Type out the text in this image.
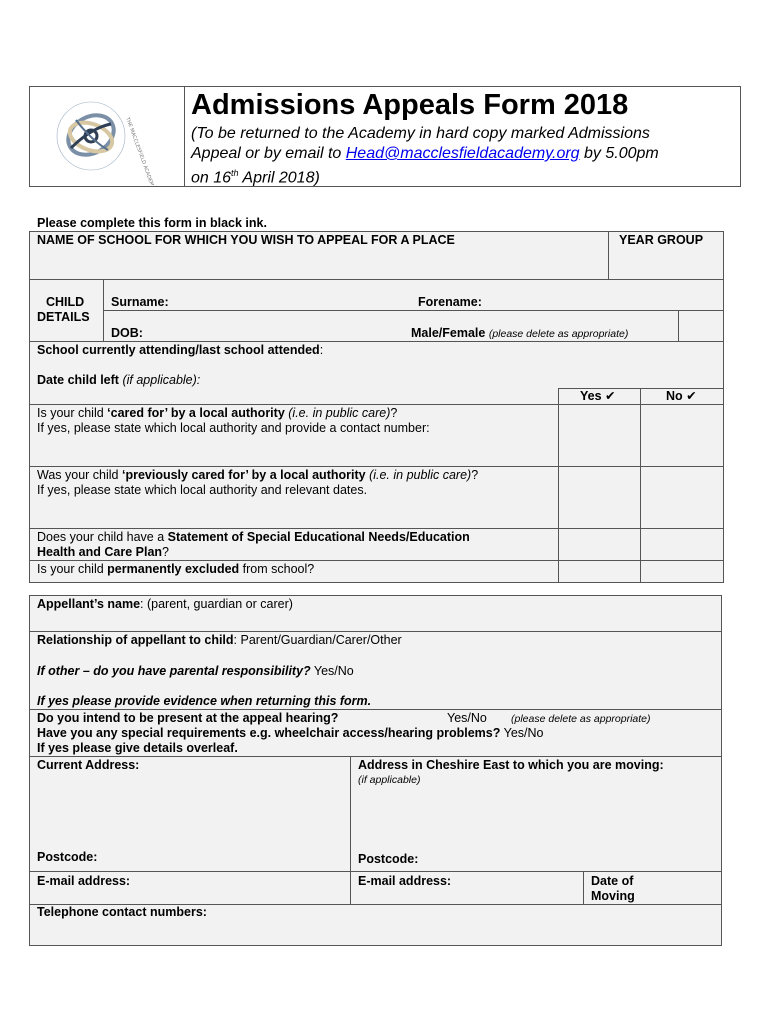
THE MACCLESFIELD ACADEMY
Admissions Appeals Form 2018
(To be returned to the Academy in hard copy marked Admissions
Appeal or by email to Head@macclesfieldacademy.org by 5.00pm
on 16th April 2018)
Please complete this form in black ink.
NAME OF SCHOOL FOR WHICH YOU WISH TO APPEAL FOR A PLACE	YEAR GROUP
CHILD
DETAILS
Surname:	Forename:
DOB:	Male/Female (please delete as appropriate)
School currently attending/last school attended:
Date child left (if applicable):
Yes ✔	No ✔
Is your child ‘cared for’ by a local authority (i.e. in public care)?
If yes, please state which local authority and provide a contact number:
Was your child ‘previously cared for’ by a local authority (i.e. in public care)?
If yes, please state which local authority and relevant dates.
Does your child have a Statement of Special Educational Needs/Education
Health and Care Plan?
Is your child permanently excluded from school?
Appellant’s name: (parent, guardian or carer)
Relationship of appellant to child: Parent/Guardian/Carer/Other
If other – do you have parental responsibility? Yes/No
If yes please provide evidence when returning this form.
Do you intend to be present at the appeal hearing?	Yes/No (please delete as appropriate)
Have you any special requirements e.g. wheelchair access/hearing problems? Yes/No
If yes please give details overleaf.
Current Address:	Address in Cheshire East to which you are moving:
(if applicable)
Postcode:	Postcode:
E-mail address:	E-mail address:	Date of
Moving
Telephone contact numbers:
